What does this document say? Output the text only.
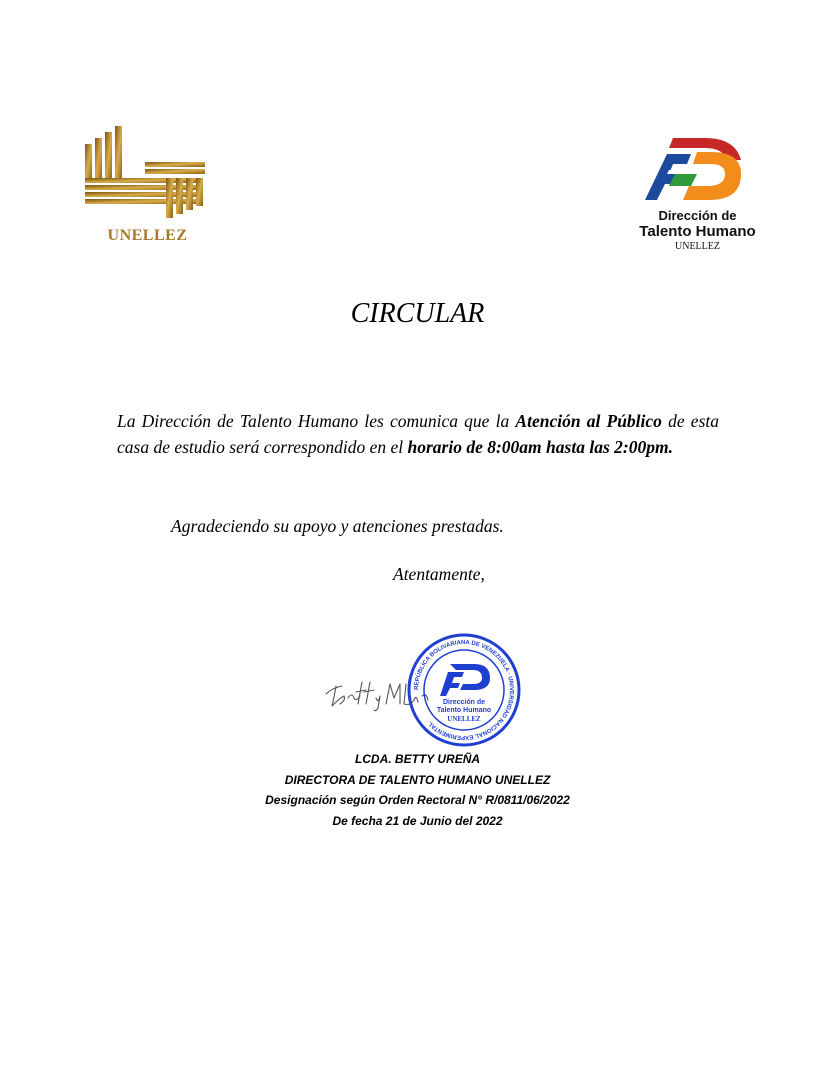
UNELLEZ
Dirección de
Talento Humano
UNELLEZ
CIRCULAR
La Dirección de Talento Humano les comunica que la Atención al Público de esta casa de estudio será correspondido en el horario de 8:00am hasta las 2:00pm.
Agradeciendo su apoyo y atenciones prestadas.
Atentamente,
REPÚBLICA BOLIVARIANA DE VENEZUELA · UNIVERSIDAD NACIONAL EXPERIMENTAL
Dirección de
Talento Humano
UNELLEZ
LCDA. BETTY UREÑA
DIRECTORA DE TALENTO HUMANO UNELLEZ
Designación según Orden Rectoral N° R/0811/06/2022
De fecha 21 de Junio del 2022
